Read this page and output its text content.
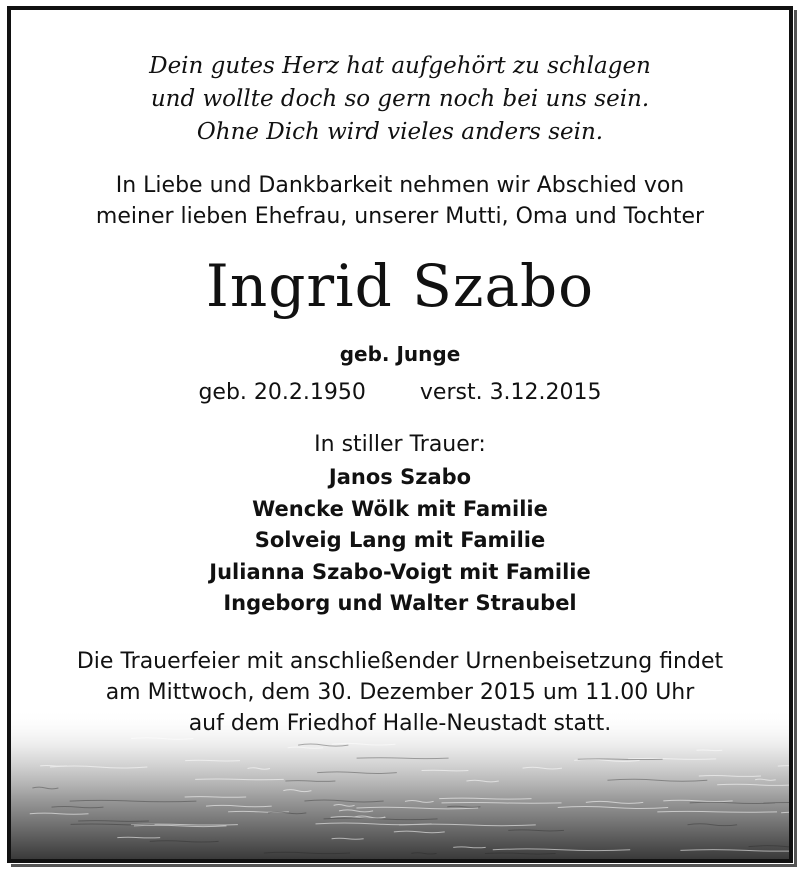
Dein gutes Herz hat aufgehört zu schlagen
und wollte doch so gern noch bei uns sein.
Ohne Dich wird vieles anders sein.
In Liebe und Dankbarkeit nehmen wir Abschied von
meiner lieben Ehefrau, unserer Mutti, Oma und Tochter
Ingrid Szabo
geb. Junge
geb. 20.2.1950 verst. 3.12.2015
In stiller Trauer:
Janos Szabo
Wencke Wölk mit Familie
Solveig Lang mit Familie
Julianna Szabo-Voigt mit Familie
Ingeborg und Walter Straubel
Die Trauerfeier mit anschließender Urnenbeisetzung findet
am Mittwoch, dem 30. Dezember 2015 um 11.00 Uhr
auf dem Friedhof Halle-Neustadt statt.
